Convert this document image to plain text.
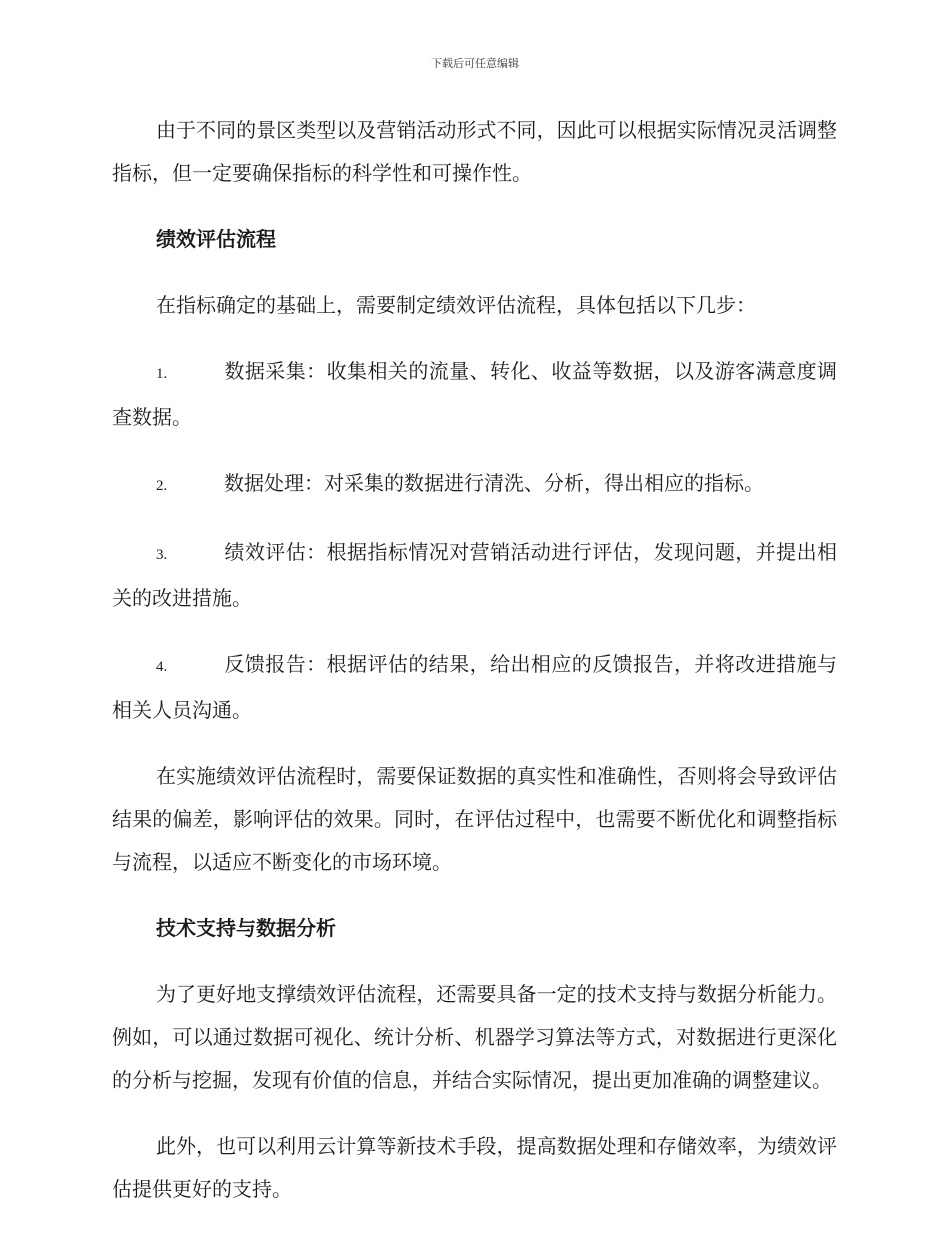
下载后可任意编辑

由于不同的景区类型以及营销活动形式不同，因此可以根据实际情况灵活调整指标，但一定要确保指标的科学性和可操作性。

绩效评估流程

在指标确定的基础上，需要制定绩效评估流程，具体包括以下几步：

1.	数据采集：收集相关的流量、转化、收益等数据，以及游客满意度调查数据。

2.	数据处理：对采集的数据进行清洗、分析，得出相应的指标。

3.	绩效评估：根据指标情况对营销活动进行评估，发现问题，并提出相关的改进措施。

4.	反馈报告：根据评估的结果，给出相应的反馈报告，并将改进措施与相关人员沟通。

在实施绩效评估流程时，需要保证数据的真实性和准确性，否则将会导致评估结果的偏差，影响评估的效果。同时，在评估过程中，也需要不断优化和调整指标与流程，以适应不断变化的市场环境。

技术支持与数据分析

为了更好地支撑绩效评估流程，还需要具备一定的技术支持与数据分析能力。例如，可以通过数据可视化、统计分析、机器学习算法等方式，对数据进行更深化的分析与挖掘，发现有价值的信息，并结合实际情况，提出更加准确的调整建议。

此外，也可以利用云计算等新技术手段，提高数据处理和存储效率，为绩效评估提供更好的支持。
